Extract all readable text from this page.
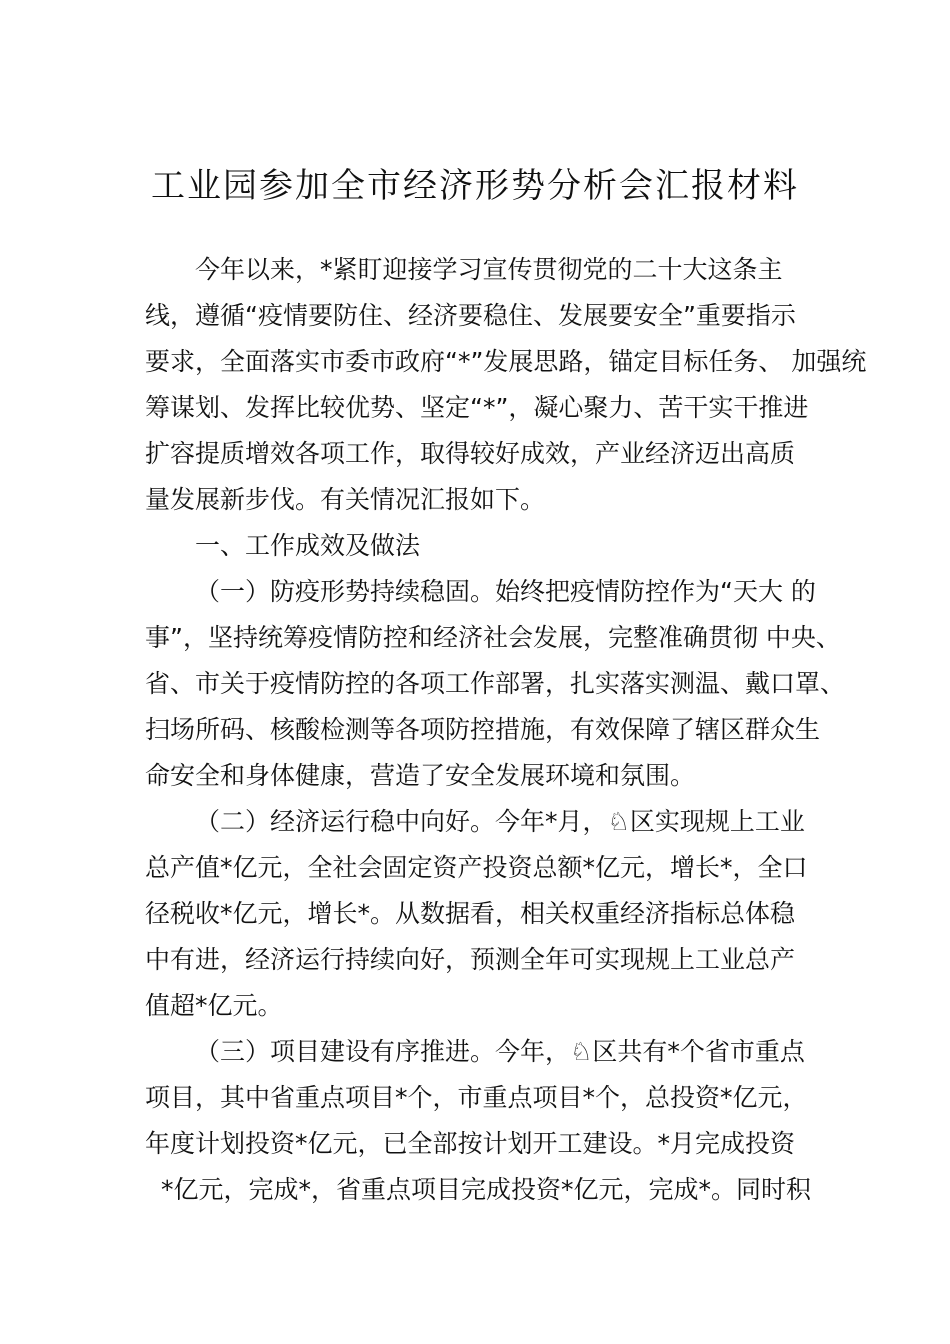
工业园参加全市经济形势分析会汇报材料
今年以来，*紧盯迎接学习宣传贯彻党的二十大这条主
线，遵循“疫情要防住、经济要稳住、发展要安全”重要指示
要求，全面落实市委市政府“*”发展思路，锚定目标任务、 加强统
筹谋划、发挥比较优势、坚定“*”，凝心聚力、苦干实干推进
扩容提质增效各项工作，取得较好成效，产业经济迈出高质
量发展新步伐。有关情况汇报如下。
一、工作成效及做法
（一）防疫形势持续稳固。始终把疫情防控作为“天大 的
事”，坚持统筹疫情防控和经济社会发展，完整准确贯彻 中央、
省、市关于疫情防控的各项工作部署，扎实落实测温、戴口罩、
扫场所码、核酸检测等各项防控措施，有效保障了辖区群众生
命安全和身体健康，营造了安全发展环境和氛围。
（二）经济运行稳中向好。今年*月，♘区实现规上工业
总产值*亿元，全社会固定资产投资总额*亿元，增长*，全口
径税收*亿元，增长*。从数据看，相关权重经济指标总体稳
中有进，经济运行持续向好，预测全年可实现规上工业总产
值超*亿元。
（三）项目建设有序推进。今年，♘区共有*个省市重点
项目，其中省重点项目*个，市重点项目*个，总投资*亿元，
年度计划投资*亿元，已全部按计划开工建设。*月完成投资
*亿元，完成*，省重点项目完成投资*亿元，完成*。同时积
